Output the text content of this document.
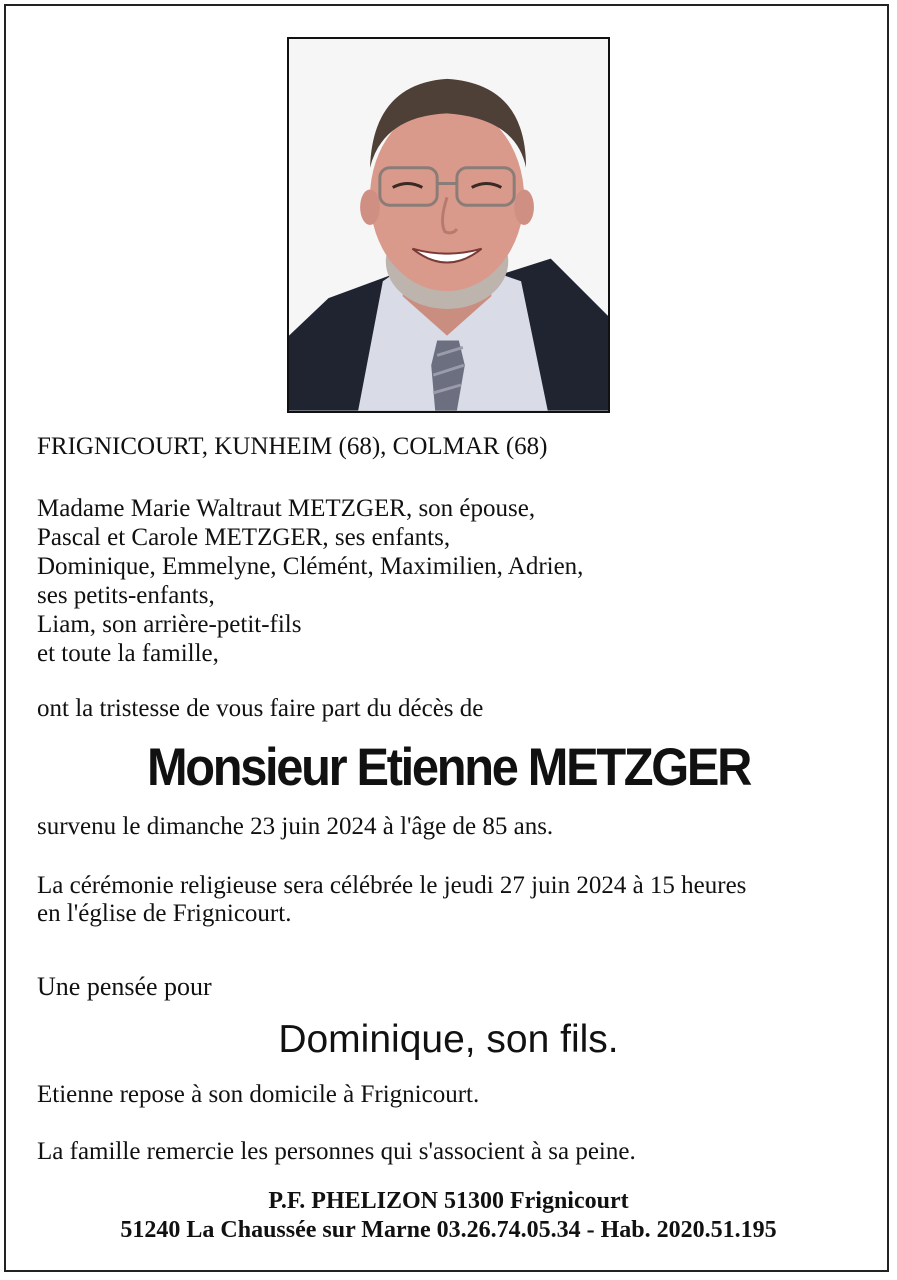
FRIGNICOURT, KUNHEIM (68), COLMAR (68)

Madame Marie Waltraut METZGER, son épouse,
Pascal et Carole METZGER, ses enfants,
Dominique, Emmelyne, Clémént, Maximilien, Adrien,
ses petits-enfants,
Liam, son arrière-petit-fils
et toute la famille,

ont la tristesse de vous faire part du décès de

Monsieur Etienne METZGER

survenu le dimanche 23 juin 2024 à l'âge de 85 ans.

La cérémonie religieuse sera célébrée le jeudi 27 juin 2024 à 15 heures

en l'église de Frignicourt.

Une pensée pour

Dominique, son fils.

Etienne repose à son domicile à Frignicourt.

La famille remercie les personnes qui s'associent à sa peine.

P.F. PHELIZON 51300 Frignicourt

51240 La Chaussée sur Marne 03.26.74.05.34 - Hab. 2020.51.195
